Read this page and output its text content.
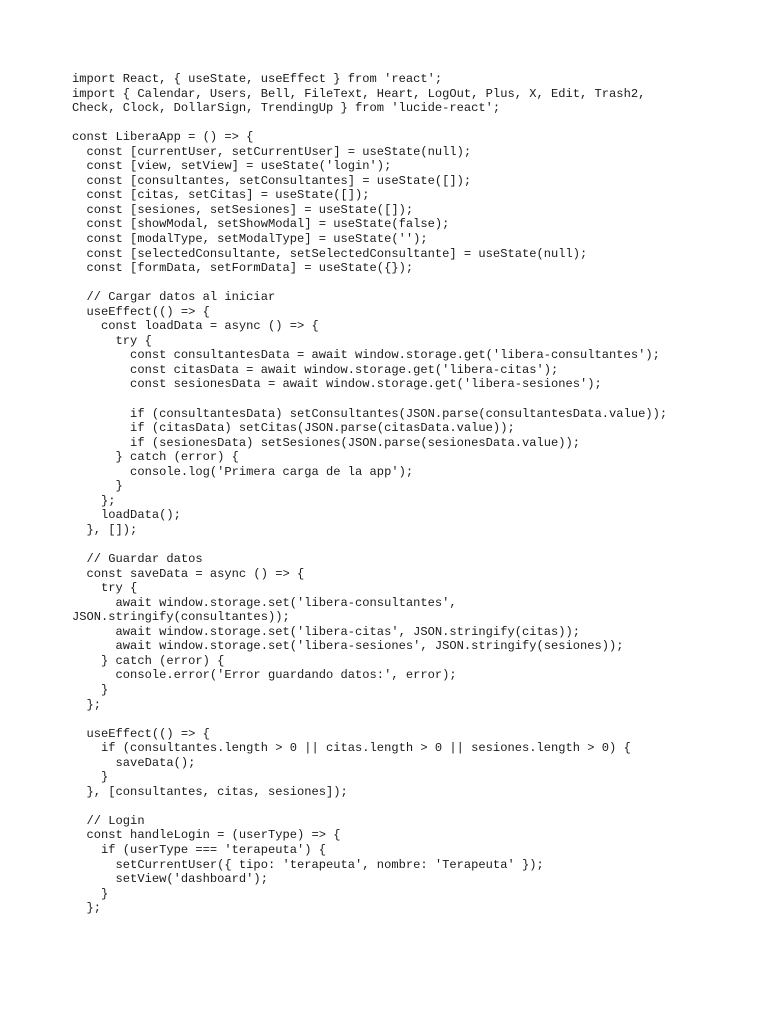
import React, { useState, useEffect } from 'react';
import { Calendar, Users, Bell, FileText, Heart, LogOut, Plus, X, Edit, Trash2,
Check, Clock, DollarSign, TrendingUp } from 'lucide-react';
const LiberaApp = () => {
const [currentUser, setCurrentUser] = useState(null);
const [view, setView] = useState('login');
const [consultantes, setConsultantes] = useState([]);
const [citas, setCitas] = useState([]);
const [sesiones, setSesiones] = useState([]);
const [showModal, setShowModal] = useState(false);
const [modalType, setModalType] = useState('');
const [selectedConsultante, setSelectedConsultante] = useState(null);
const [formData, setFormData] = useState({});
// Cargar datos al iniciar
useEffect(() => {
const loadData = async () => {
try {
const consultantesData = await window.storage.get('libera-consultantes');
const citasData = await window.storage.get('libera-citas');
const sesionesData = await window.storage.get('libera-sesiones');
if (consultantesData) setConsultantes(JSON.parse(consultantesData.value));
if (citasData) setCitas(JSON.parse(citasData.value));
if (sesionesData) setSesiones(JSON.parse(sesionesData.value));
} catch (error) {
console.log('Primera carga de la app');
}
};
loadData();
}, []);
// Guardar datos
const saveData = async () => {
try {
await window.storage.set('libera-consultantes',
JSON.stringify(consultantes));
await window.storage.set('libera-citas', JSON.stringify(citas));
await window.storage.set('libera-sesiones', JSON.stringify(sesiones));
} catch (error) {
console.error('Error guardando datos:', error);
}
};
useEffect(() => {
if (consultantes.length > 0 || citas.length > 0 || sesiones.length > 0) {
saveData();
}
}, [consultantes, citas, sesiones]);
// Login
const handleLogin = (userType) => {
if (userType === 'terapeuta') {
setCurrentUser({ tipo: 'terapeuta', nombre: 'Terapeuta' });
setView('dashboard');
}
};
